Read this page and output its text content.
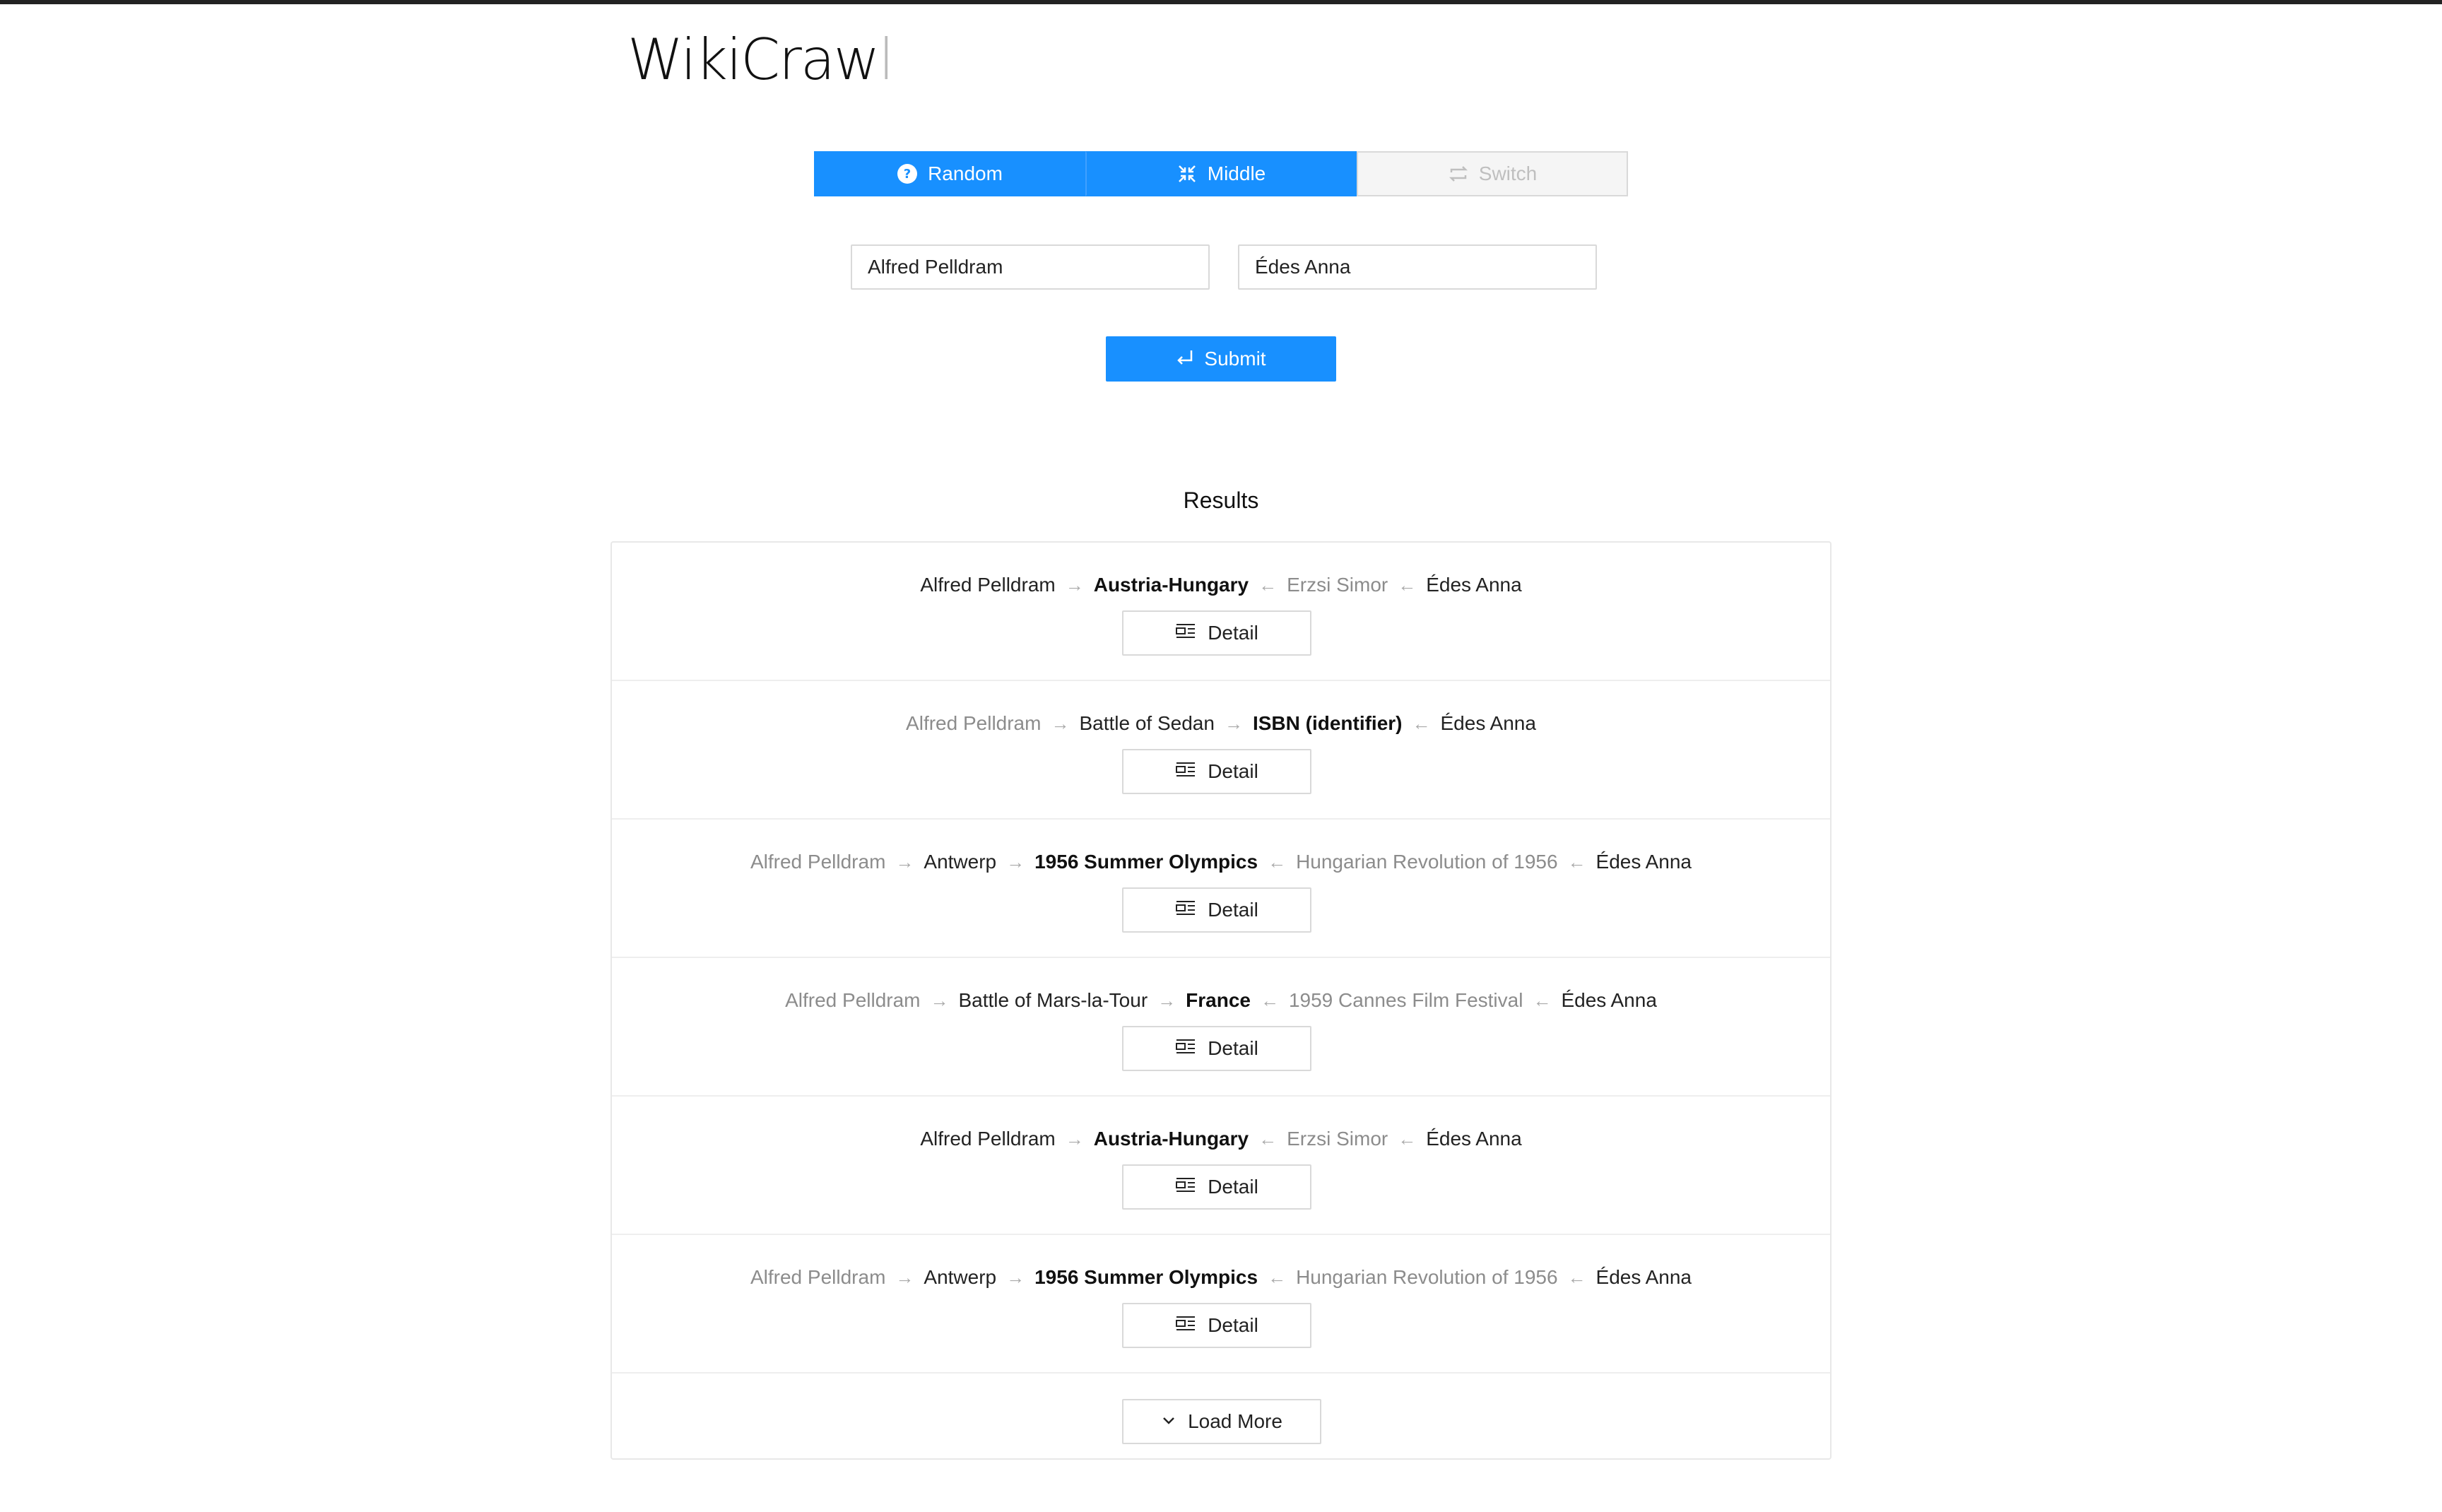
WikiCrawl
? Random	Middle	Switch
Alfred Pelldram
Édes Anna
Submit
Results
Alfred Pelldram → Austria-Hungary ← Erzsi Simor ← Édes Anna
Detail
Alfred Pelldram → Battle of Sedan → ISBN (identifier) ← Édes Anna
Detail
Alfred Pelldram → Antwerp → 1956 Summer Olympics ← Hungarian Revolution of 1956 ← Édes Anna
Detail
Alfred Pelldram → Battle of Mars-la-Tour → France ← 1959 Cannes Film Festival ← Édes Anna
Detail
Alfred Pelldram → Austria-Hungary ← Erzsi Simor ← Édes Anna
Detail
Alfred Pelldram → Antwerp → 1956 Summer Olympics ← Hungarian Revolution of 1956 ← Édes Anna
Detail
Load More
